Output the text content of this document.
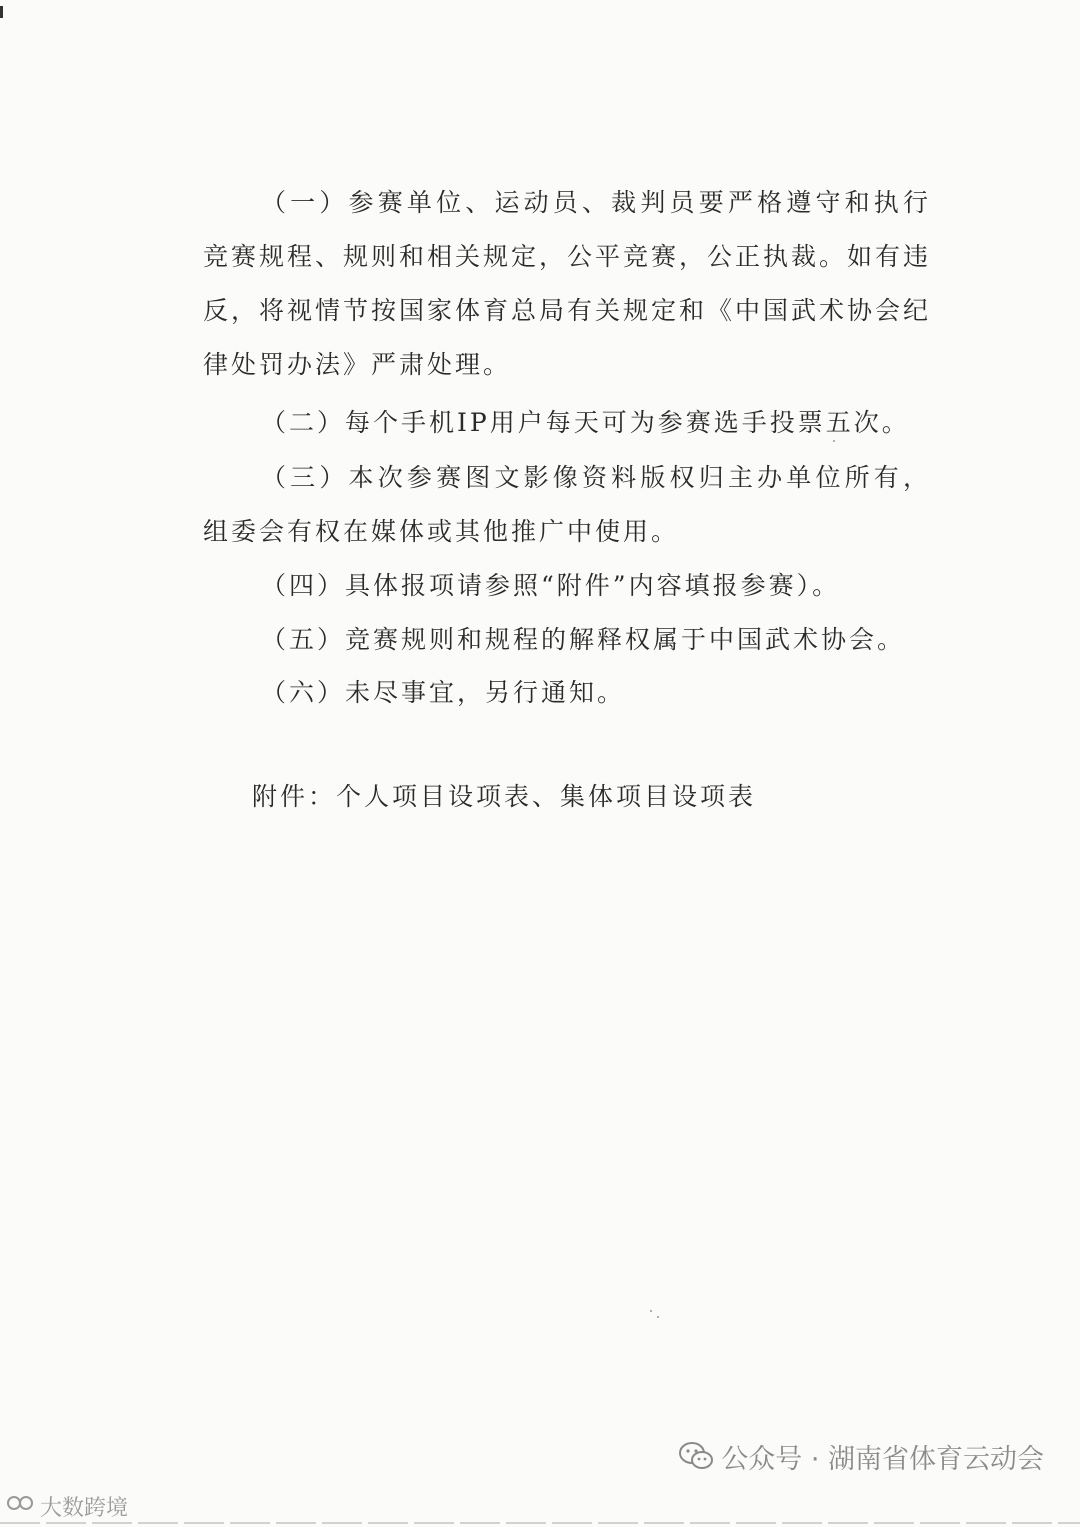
（一）参赛单位、运动员、裁判员要严格遵守和执行竞赛规程、规则和相关规定，公平竞赛，公正执裁。如有违反，将视情节按国家体育总局有关规定和《中国武术协会纪律处罚办法》严肃处理。

（二）每个手机IP用户每天可为参赛选手投票五次。

（三）本次参赛图文影像资料版权归主办单位所有，组委会有权在媒体或其他推广中使用。

（四）具体报项请参照“附件”内容填报参赛）。

（五）竞赛规则和规程的解释权属于中国武术协会。

（六）未尽事宜，另行通知。

附件：个人项目设项表、集体项目设项表

公众号 · 湖南省体育云动会
大数跨境
